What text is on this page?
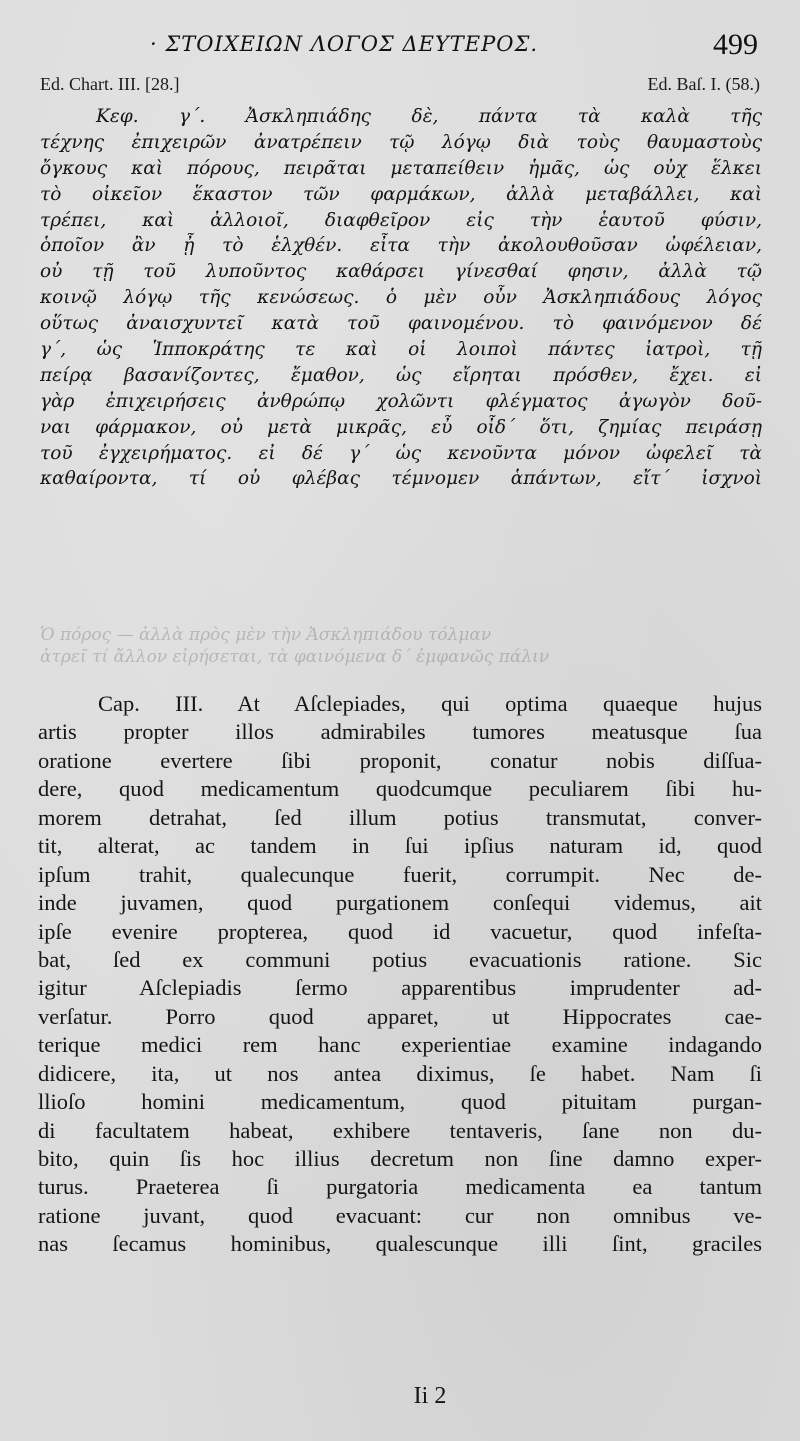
· ΣΤΟΙΧΕΙΩΝ ΛΟΓΟΣ ΔΕΥΤΕΡΟΣ.	499
Ed. Chart. III. [28.]	Ed. Baſ. I. (58.)
Κεφ. γ΄. Ἀσκληπιάδης δὲ, πάντα τὰ καλὰ τῆς
τέχνης ἐπιχειρῶν ἀνατρέπειν τῷ λόγῳ διὰ τοὺς θαυμαστοὺς
ὄγκους καὶ πόρους, πειρᾶται μεταπείθειν ἡμᾶς, ὡς οὐχ ἕλκει
τὸ οἰκεῖον ἕκαστον τῶν φαρμάκων, ἀλλὰ μεταβάλλει, καὶ
τρέπει, καὶ ἀλλοιοῖ, διαφθεῖρον εἰς τὴν ἑαυτοῦ φύσιν,
ὁποῖον ἂν ᾖ τὸ ἑλχθέν. εἶτα τὴν ἀκολουθοῦσαν ὠφέλειαν,
οὐ τῇ τοῦ λυποῦντος καθάρσει γίνεσθαί φησιν, ἀλλὰ τῷ
κοινῷ λόγῳ τῆς κενώσεως. ὁ μὲν οὖν Ἀσκληπιάδους λόγος
οὕτως ἀναισχυντεῖ κατὰ τοῦ φαινομένου. τὸ φαινόμενον δέ
γ΄, ὡς Ἱπποκράτης τε καὶ οἱ λοιποὶ πάντες ἰατροὶ, τῇ
πείρᾳ βασανίζοντες, ἔμαθον, ὡς εἴρηται πρόσθεν, ἔχει. εἰ
γὰρ ἐπιχειρήσεις ἀνθρώπῳ χολῶντι φλέγματος ἀγωγὸν δοῦ-
ναι φάρμακον, οὐ μετὰ μικρᾶς, εὖ οἶδ΄ ὅτι, ζημίας πειράσῃ
τοῦ ἐγχειρήματος. εἰ δέ γ΄ ὡς κενοῦντα μόνον ὠφελεῖ τὰ
καθαίροντα, τί οὐ φλέβας τέμνομεν ἁπάντων, εἴτ΄ ἰσχνοὶ
Ὁ πόρος — ἀλλὰ πρὸς μὲν τὴν Ἀσκληπιάδου τόλμαν
ἀτρεῖ τί ἄλλον εἰρήσεται, τὰ φαινόμενα δ΄ ἐμφανῶς πάλιν
Cap. III. At Aſclepiades, qui optima quaeque hujus
artis propter illos admirabiles tumores meatusque ſua
oratione evertere ſibi proponit, conatur nobis diſſua-
dere, quod medicamentum quodcumque peculiarem ſibi hu-
morem detrahat, ſed illum potius transmutat, conver-
tit, alterat, ac tandem in ſui ipſius naturam id, quod
ipſum trahit, qualecunque fuerit, corrumpit. Nec de-
inde juvamen, quod purgationem conſequi videmus, ait
ipſe evenire propterea, quod id vacuetur, quod infeſta-
bat, ſed ex communi potius evacuationis ratione. Sic
igitur Aſclepiadis ſermo apparentibus imprudenter ad-
verſatur. Porro quod apparet, ut Hippocrates cae-
terique medici rem hanc experientiae examine indagando
didicere, ita, ut nos antea diximus, ſe habet. Nam ſi
llioſo homini medicamentum, quod pituitam purgan-
di facultatem habeat, exhibere tentaveris, ſane non du-
bito, quin ſis hoc illius decretum non ſine damno exper-
turus. Praeterea ſi purgatoria medicamenta ea tantum
ratione juvant, quod evacuant: cur non omnibus ve-
nas ſecamus hominibus, qualescunque illi ſint, graciles
Ii 2
